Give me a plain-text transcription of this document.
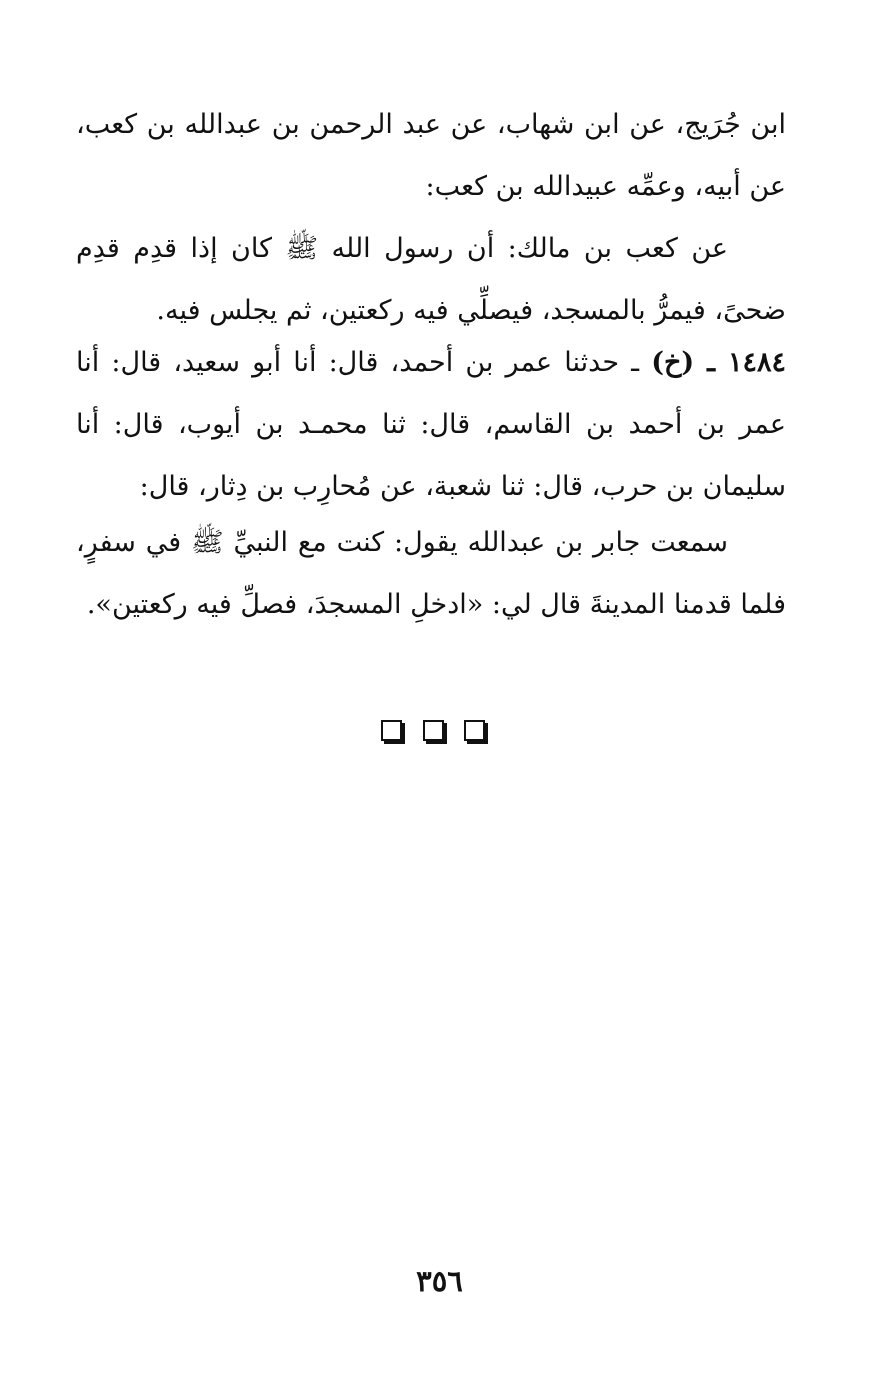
ابن جُرَيج، عن ابن شهاب، عن عبد الرحمن بن عبدالله بن كعب، عن أبيه، وعمِّه عبيدالله بن كعب:

عن كعب بن مالك: أن رسول الله ﷺ كان إذا قدِم قدِم ضحىً، فيمرُّ بالمسجد، فيصلِّي فيه ركعتين، ثم يجلس فيه.

١٤٨٤ ـ (خ) ـ حدثنا عمر بن أحمد، قال: أنا أبو سعيد، قال: أنا عمر بن أحمد بن القاسم، قال: ثنا محمـد بن أيوب، قال: أنا سليمان بن حرب، قال: ثنا شعبة، عن مُحارِب بن دِثار، قال:

سمعت جابر بن عبدالله يقول: كنت مع النبيِّ ﷺ في سفرٍ، فلما قدمنا المدينةَ قال لي: «ادخلِ المسجدَ، فصلِّ فيه ركعتين».

٣٥٦
